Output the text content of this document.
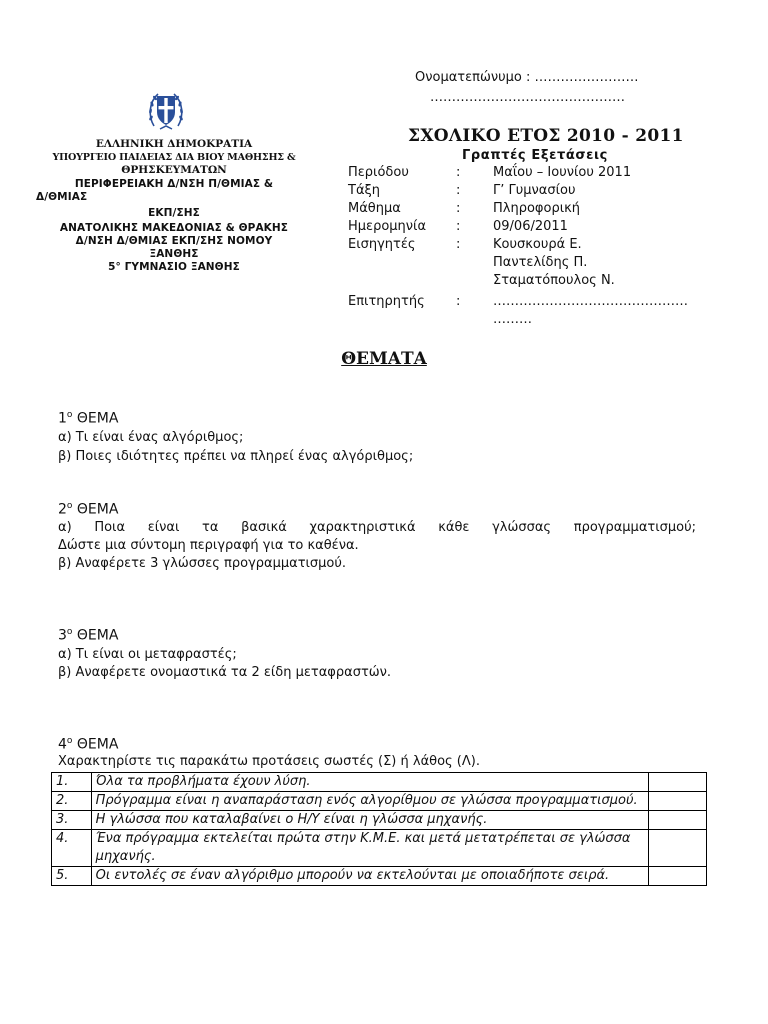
Ονοματεπώνυμο : ……………………
………………………………………
ΣΧΟΛΙΚΟ ΕΤΟΣ 2010 - 2011
Γραπτές Εξετάσεις
Περιόδου	:	Μαΐου – Ιουνίου 2011
Τάξη	:	Γ’ Γυμνασίου
Μάθημα	:	Πληροφορική
Ημερομηνία :	09/06/2011
Εισηγητές	:	Κουσκουρά Ε.
Παντελίδης Π.
Σταματόπουλος Ν.
Επιτηρητής :	………………………………………
………
ΕΛΛΗΝΙΚΗ ΔΗΜΟΚΡΑΤΙΑ
ΥΠΟΥΡΓΕΙΟ ΠΑΙΔΕΙΑΣ ΔΙΑ ΒΙΟΥ ΜΑΘΗΣΗΣ &
ΘΡΗΣΚΕΥΜΑΤΩΝ
ΠΕΡΙΦΕΡΕΙΑΚΗ Δ/ΝΣΗ Π/ΘΜΙΑΣ &
Δ/ΘΜΙΑΣ
ΕΚΠ/ΣΗΣ
ΑΝΑΤΟΛΙΚΗΣ ΜΑΚΕΔΟΝΙΑΣ & ΘΡΑΚΗΣ
Δ/ΝΣΗ Δ/ΘΜΙΑΣ ΕΚΠ/ΣΗΣ ΝΟΜΟΥ
ΞΑΝΘΗΣ
5° ΓΥΜΝΑΣΙΟ ΞΑΝΘΗΣ
ΘΕΜΑΤΑ
$1^o$ ΘΕΜΑ
α) Τι είναι ένας αλγόριθμος;
β) Ποιες ιδιότητες πρέπει να πληρεί ένας αλγόριθμος;
$2^o$ ΘΕΜΑ
α) Ποια είναι τα βασικά χαρακτηριστικά κάθε γλώσσας προγραμματισμού;
Δώστε μια σύντομη περιγραφή για το καθένα.
β) Αναφέρετε 3 γλώσσες προγραμματισμού.
$3^o$ ΘΕΜΑ
α) Τι είναι οι μεταφραστές;
β) Αναφέρετε ονομαστικά τα 2 είδη μεταφραστών.
$4^o$ ΘΕΜΑ
Χαρακτηρίστε τις παρακάτω προτάσεις σωστές (Σ) ή λάθος (Λ).
1.	Όλα τα προβλήματα έχουν λύση.	
2.	Πρόγραμμα είναι η αναπαράσταση ενός αλγορίθμου σε γλώσσα προγραμματισμού.	
3.	Η γλώσσα που καταλαβαίνει ο Η/Υ είναι η γλώσσα μηχανής.	
4.	Ένα πρόγραμμα εκτελείται πρώτα στην Κ.Μ.Ε. και μετά μετατρέπεται σε γλώσσα μηχανής.	
5.	Οι εντολές σε έναν αλγόριθμο μπορούν να εκτελούνται με οποιαδήποτε σειρά.	
